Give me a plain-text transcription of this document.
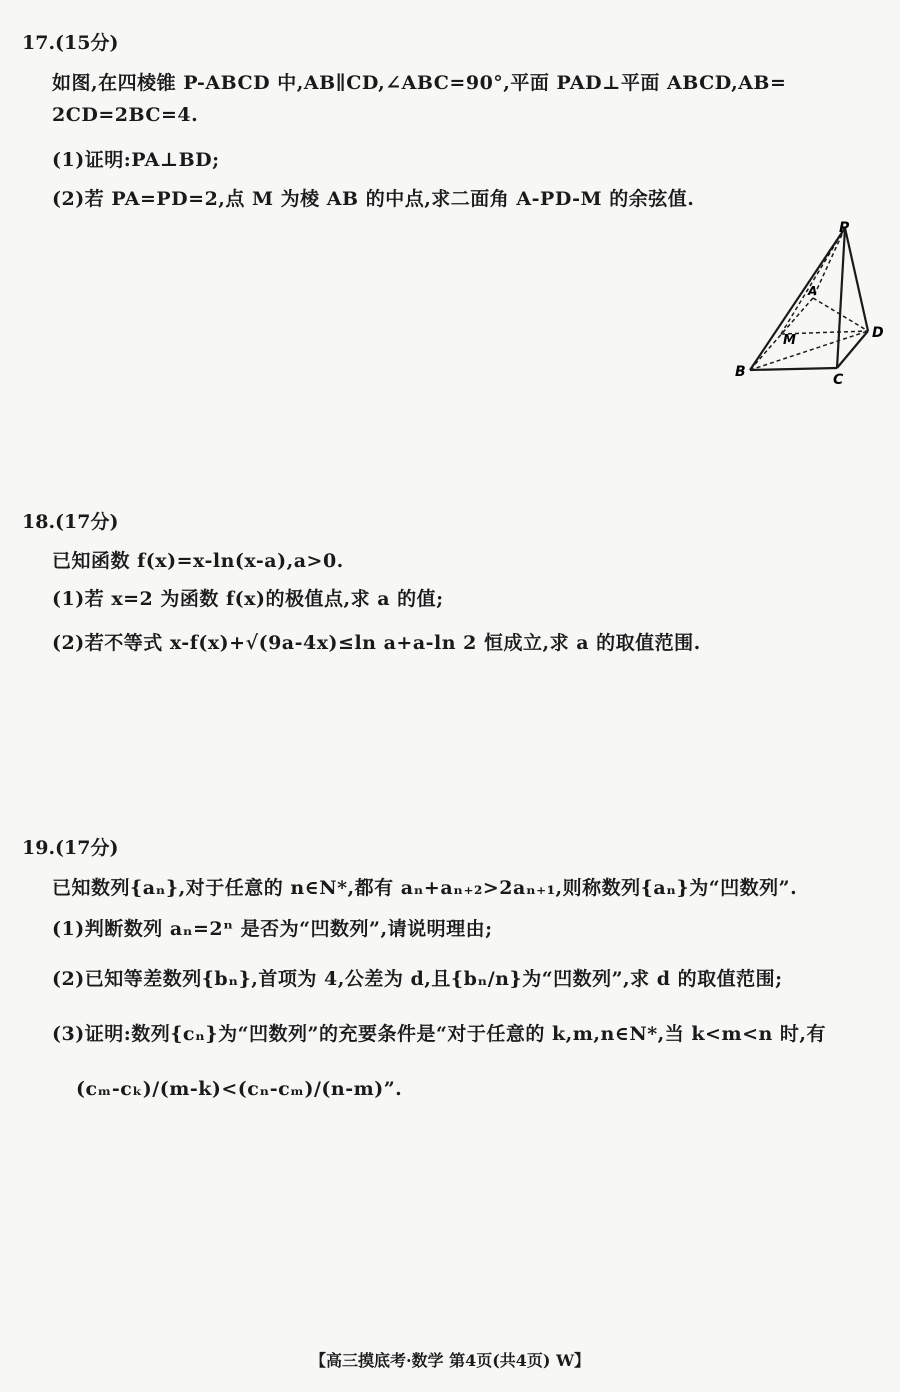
17.(15分)
如图,在四棱锥 P-ABCD 中,AB∥CD,∠ABC=90°,平面 PAD⊥平面 ABCD,AB=
2CD=2BC=4.
(1)证明:PA⊥BD;
(2)若 PA=PD=2,点 M 为棱 AB 的中点,求二面角 A-PD-M 的余弦值.
P
A
M	D
B	C
18.(17分)
已知函数 f(x)=x-ln(x-a),a>0.
(1)若 x=2 为函数 f(x)的极值点,求 a 的值;
(2)若不等式 x-f(x)+√(9a-4x)≤ln a+a-ln 2 恒成立,求 a 的取值范围.
19.(17分)
已知数列{aₙ},对于任意的 n∈N*,都有 aₙ+aₙ₊₂>2aₙ₊₁,则称数列{aₙ}为“凹数列”.
(1)判断数列 aₙ=2ⁿ 是否为“凹数列”,请说明理由;
(2)已知等差数列{bₙ},首项为 4,公差为 d,且{bₙ/n}为“凹数列”,求 d 的取值范围;
(3)证明:数列{cₙ}为“凹数列”的充要条件是“对于任意的 k,m,n∈N*,当 k<m<n 时,有
(cₘ-cₖ)/(m-k)<(cₙ-cₘ)/(n-m)”.
【高三摸底考·数学 第4页(共4页) W】
